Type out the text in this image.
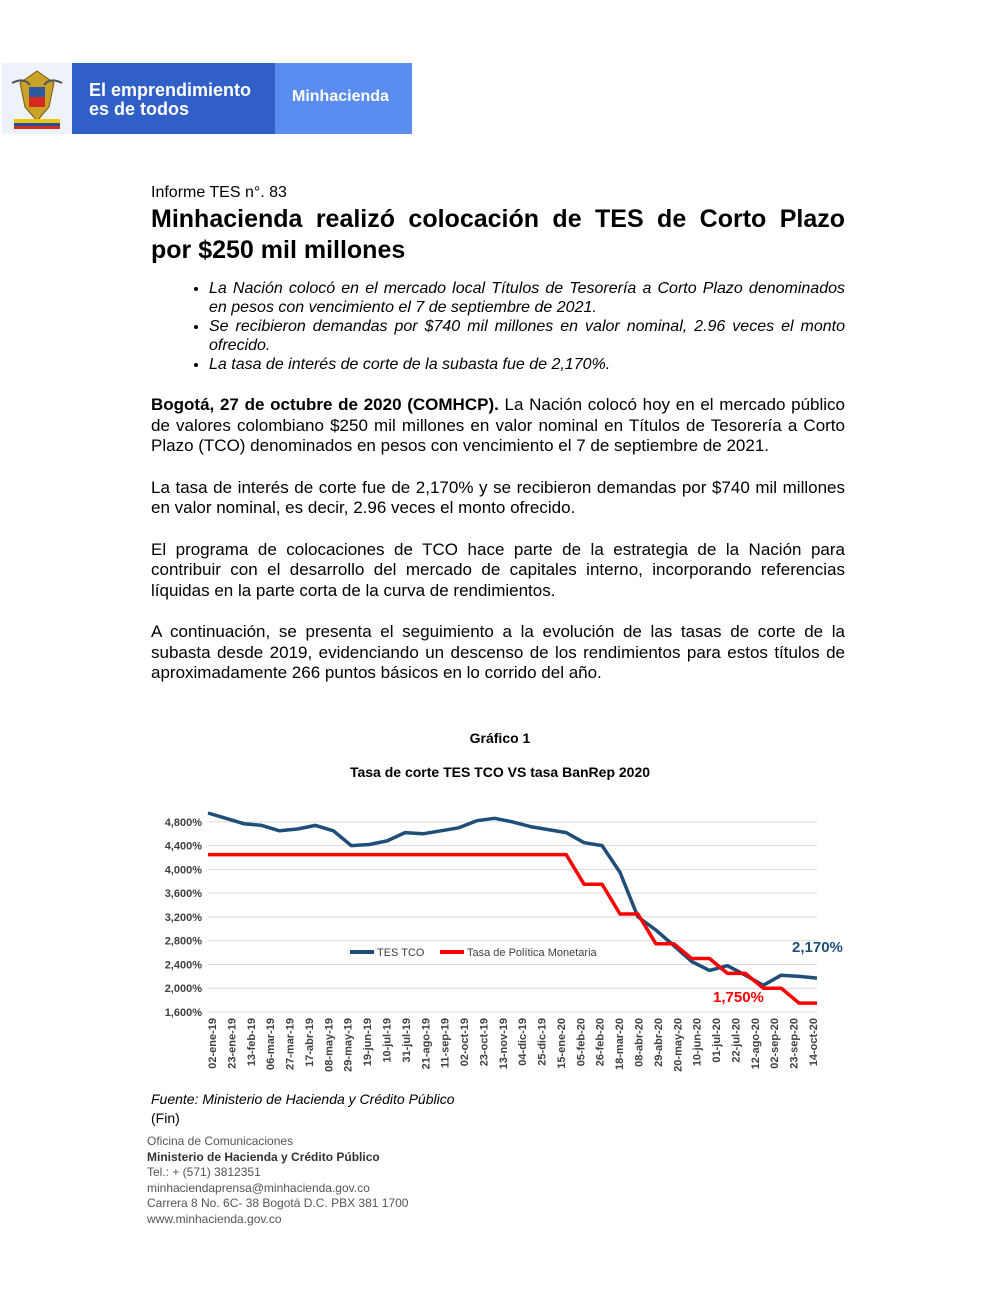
El emprendimiento
es de todos
Minhacienda
Informe TES n°. 83
Minhacienda realizó colocación de TES de Corto Plazo por $250 mil millones
• La Nación colocó en el mercado local Títulos de Tesorería a Corto Plazo denominados en pesos con vencimiento el 7 de septiembre de 2021.
• Se recibieron demandas por $740 mil millones en valor nominal, 2.96 veces el monto ofrecido.
• La tasa de interés de corte de la subasta fue de 2,170%.

Bogotá, 27 de octubre de 2020 (COMHCP). La Nación colocó hoy en el mercado público de valores colombiano $250 mil millones en valor nominal en Títulos de Tesorería a Corto Plazo (TCO) denominados en pesos con vencimiento el 7 de septiembre de 2021.

La tasa de interés de corte fue de 2,170% y se recibieron demandas por $740 mil millones en valor nominal, es decir, 2.96 veces el monto ofrecido.

El programa de colocaciones de TCO hace parte de la estrategia de la Nación para contribuir con el desarrollo del mercado de capitales interno, incorporando referencias líquidas en la parte corta de la curva de rendimientos.

A continuación, se presenta el seguimiento a la evolución de las tasas de corte de la subasta desde 2019, evidenciando un descenso de los rendimientos para estos títulos de aproximadamente 266 puntos básicos en lo corrido del año.

Gráfico 1
Tasa de corte TES TCO VS tasa BanRep 2020
4,800%
4,400%
4,000%
3,600%
3,200%
2,800%
2,400%
2,000%
1,600%
02-ene-19 23-ene-19 13-feb-19 06-mar-19 27-mar-19 17-abr-19 08-may-19 29-may-19 19-jun-19 10-jul-19 31-jul-19 21-ago-19 11-sep-19 02-oct-19 23-oct-19 13-nov-19 04-dic-19 25-dic-19 15-ene-20 05-feb-20 26-feb-20 18-mar-20 08-abr-20 29-abr-20 20-may-20 10-jun-20 01-jul-20 22-jul-20 12-ago-20 02-sep-20 23-sep-20 14-oct-20
TES TCO	Tasa de Política Monetaria	2,170%
1,750%
Fuente: Ministerio de Hacienda y Crédito Público
(Fin)
Oficina de Comunicaciones
Ministerio de Hacienda y Crédito Público
Tel.: + (571) 3812351
minhaciendaprensa@minhacienda.gov.co
Carrera 8 No. 6C- 38 Bogotá D.C. PBX 381 1700
www.minhacienda.gov.co
